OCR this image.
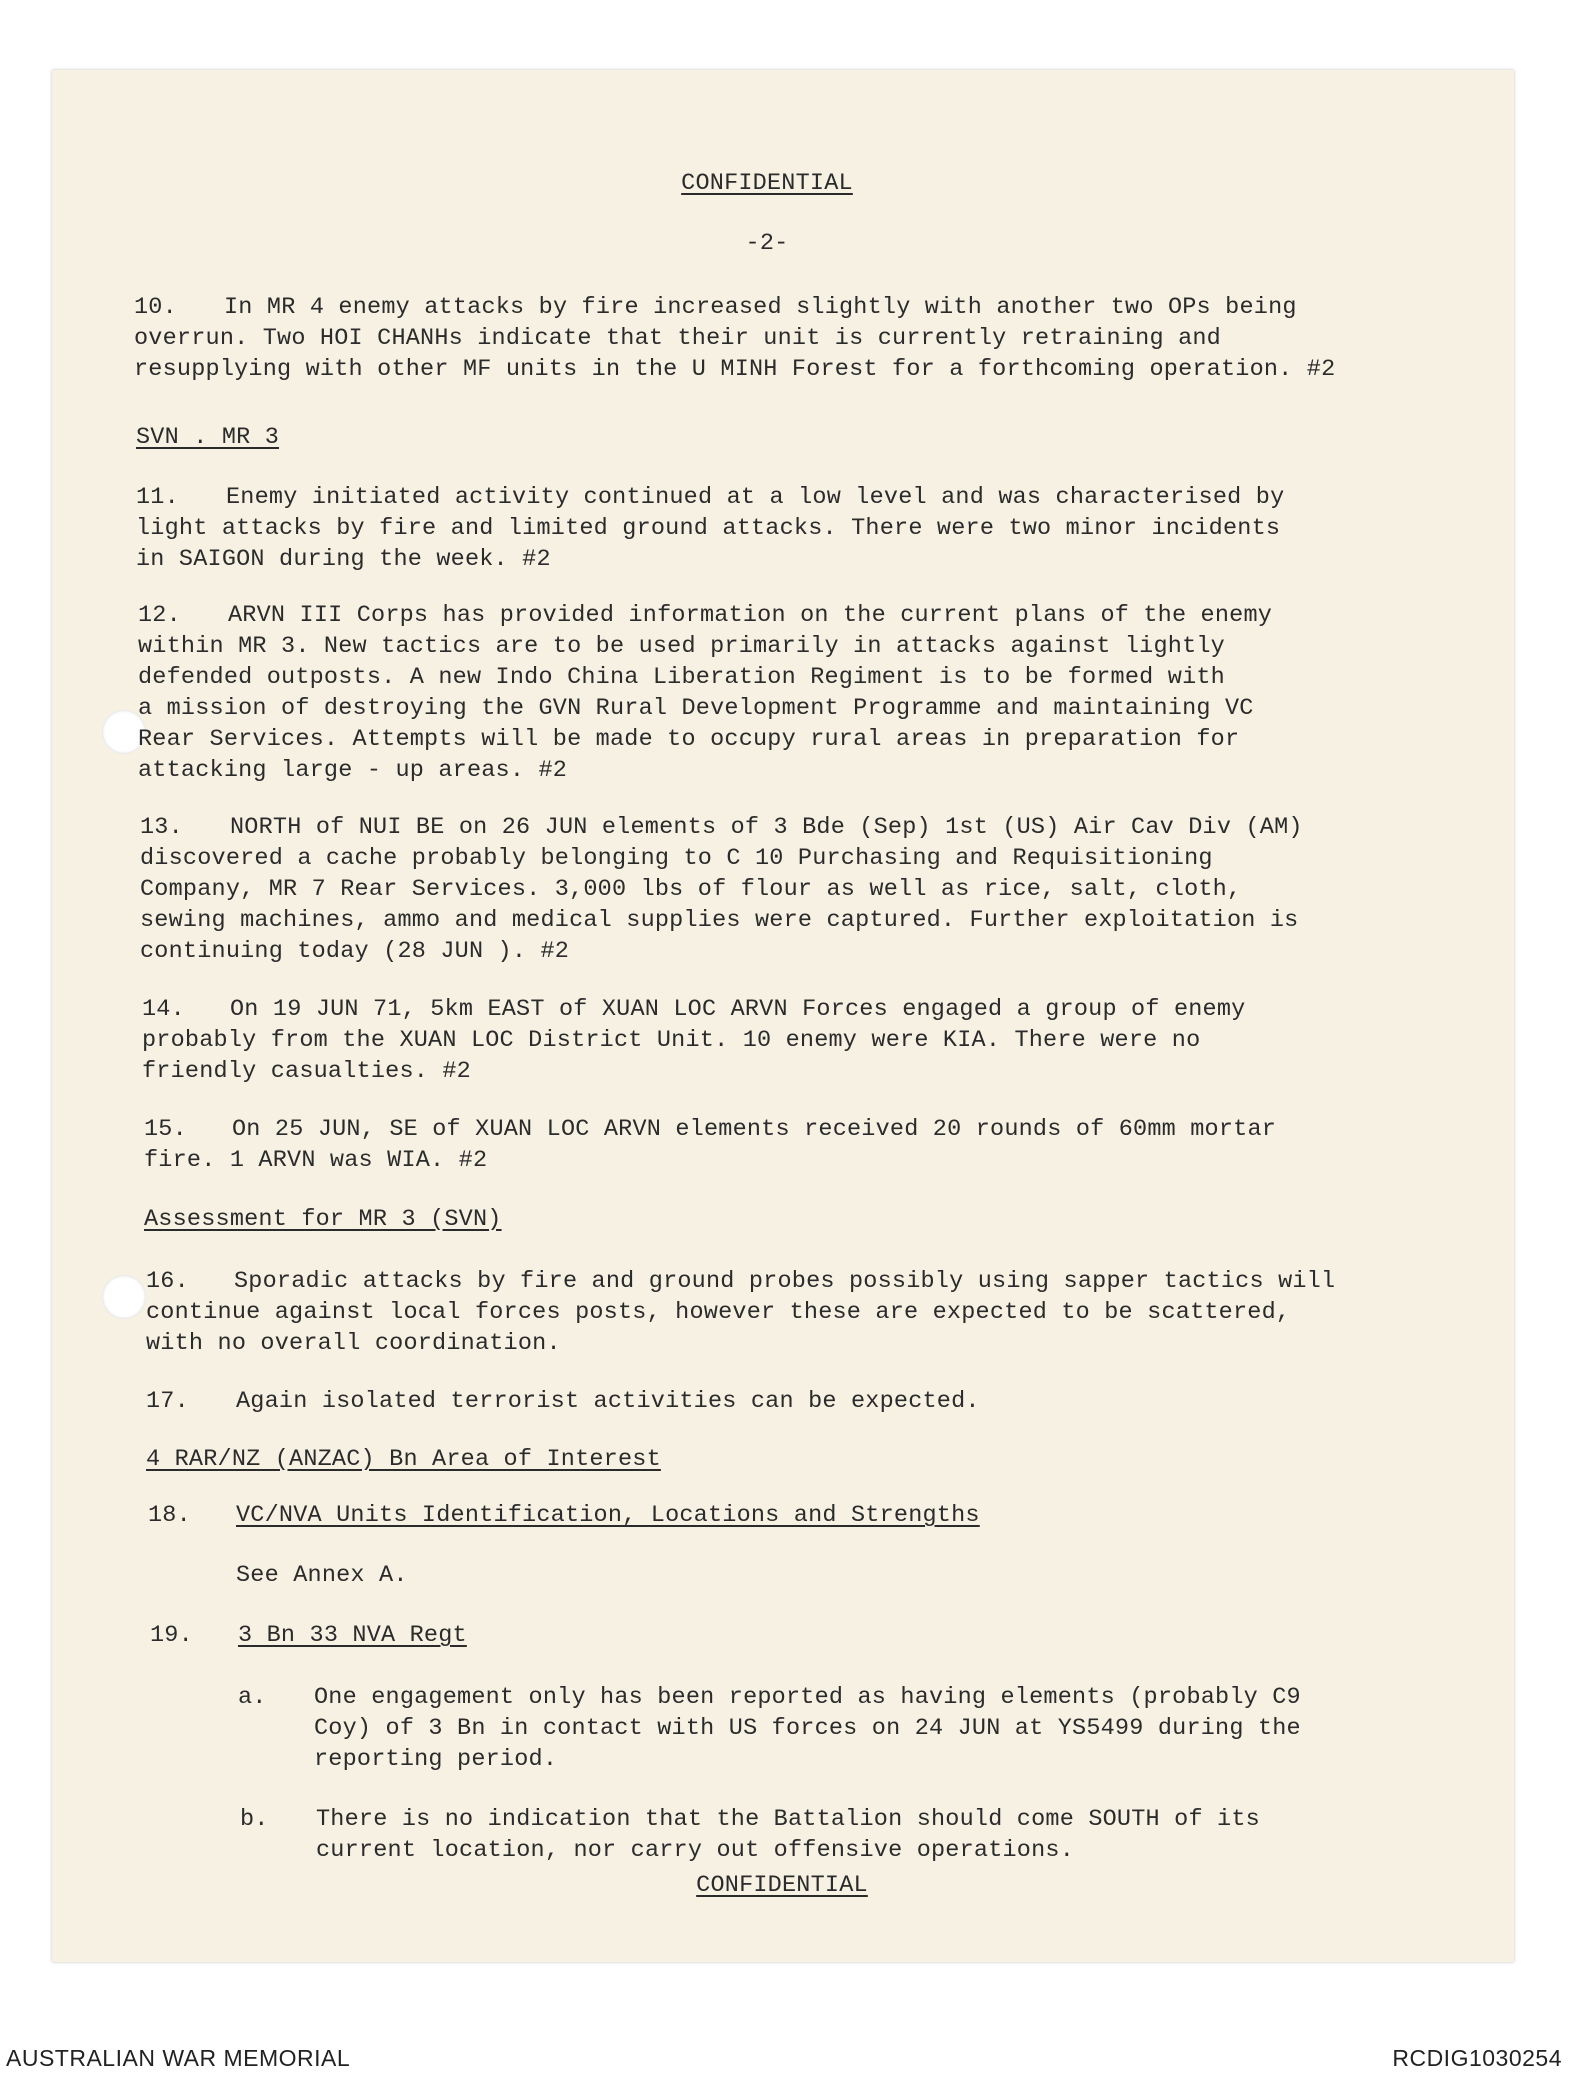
CONFIDENTIAL
-2-
10. In MR 4 enemy attacks by fire increased slightly with another two OPs being
overrun. Two HOI CHANHs indicate that their unit is currently retraining and
resupplying with other MF units in the U MINH Forest for a forthcoming operation. #2
SVN . MR 3
11. Enemy initiated activity continued at a low level and was characterised by
light attacks by fire and limited ground attacks. There were two minor incidents
in SAIGON during the week. #2
12. ARVN III Corps has provided information on the current plans of the enemy
within MR 3. New tactics are to be used primarily in attacks against lightly
defended outposts. A new Indo China Liberation Regiment is to be formed with
a mission of destroying the GVN Rural Development Programme and maintaining VC
Rear Services. Attempts will be made to occupy rural areas in preparation for
attacking large - up areas. #2
13. NORTH of NUI BE on 26 JUN elements of 3 Bde (Sep) 1st (US) Air Cav Div (AM)
discovered a cache probably belonging to C 10 Purchasing and Requisitioning
Company, MR 7 Rear Services. 3,000 lbs of flour as well as rice, salt, cloth,
sewing machines, ammo and medical supplies were captured. Further exploitation is
continuing today (28 JUN ). #2
14. On 19 JUN 71, 5km EAST of XUAN LOC ARVN Forces engaged a group of enemy
probably from the XUAN LOC District Unit. 10 enemy were KIA. There were no
friendly casualties. #2
15. On 25 JUN, SE of XUAN LOC ARVN elements received 20 rounds of 60mm mortar
fire. 1 ARVN was WIA. #2
Assessment for MR 3 (SVN)
16. Sporadic attacks by fire and ground probes possibly using sapper tactics will
continue against local forces posts, however these are expected to be scattered,
with no overall coordination.
17. Again isolated terrorist activities can be expected.
4 RAR/NZ (ANZAC) Bn Area of Interest
18. VC/NVA Units Identification, Locations and Strengths
See Annex A.
19. 3 Bn 33 NVA Regt
a. One engagement only has been reported as having elements (probably C9
Coy) of 3 Bn in contact with US forces on 24 JUN at YS5499 during the
reporting period.
b. There is no indication that the Battalion should come SOUTH of its
current location, nor carry out offensive operations.
CONFIDENTIAL
AUSTRALIAN WAR MEMORIAL	RCDIG1030254
